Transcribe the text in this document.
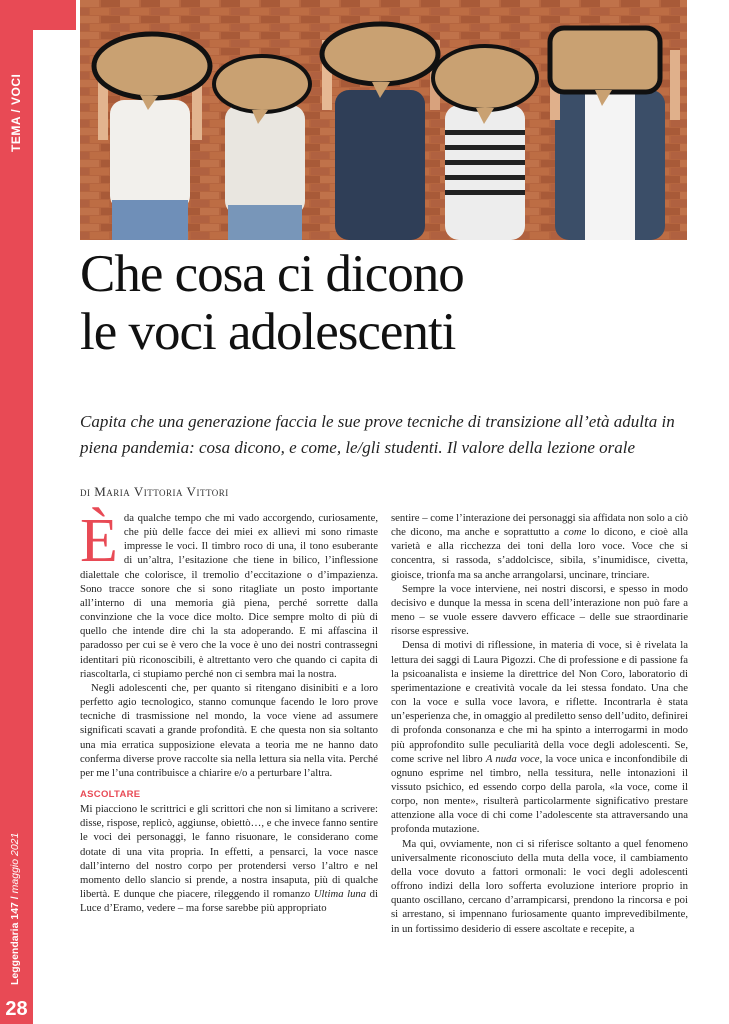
TEMA / VOCI
Leggendaria 147 / maggio 2021
28
Che cosa ci dicono
le voci adolescenti
Capita che una generazione faccia le sue prove tecniche di transizione all’età adulta in piena pandemia: cosa dicono, e come, le/gli studenti. Il valore della lezione orale
di Maria Vittoria Vittori

Èda qualche tempo che mi vado accorgendo, curiosamente, che più delle facce dei miei ex allievi mi sono rimaste impresse le voci. Il timbro roco di una, il tono esuberante di un’altra, l’esitazione che tiene in bilico, l’inflessione dialettale che colorisce, il tremolio d’eccitazione o d’impazienza. Sono tracce sonore che si sono ritagliate un posto importante all’interno di una memoria già piena, perché sorrette dalla convinzione che la voce dice molto. Dice sempre molto di più di quello che intende dire chi la sta adoperando. E mi affascina il paradosso per cui se è vero che la voce è uno dei nostri contrassegni identitari più riconoscibili, è altrettanto vero che quando ci capita di riascoltarla, ci stupiamo perché non ci sembra mai la nostra.

Negli adolescenti che, per quanto si ritengano disinibiti e a loro perfetto agio tecnologico, stanno comunque facendo le loro prove tecniche di trasmissione nel mondo, la voce viene ad assumere significati scavati a grande profondità. E che questa non sia soltanto una mia erratica supposizione elevata a teoria me ne hanno dato conferma diverse prove raccolte sia nella lettura sia nella vita. Perché per me l’una contribuisce a chiarire e/o a perturbare l’altra.

ASCOLTARE

Mi piacciono le scrittrici e gli scrittori che non si limitano a scrivere: disse, rispose, replicò, aggiunse, obiettò…, e che invece fanno sentire le voci dei personaggi, le fanno risuonare, le considerano come dotate di una vita propria. In effetti, a pensarci, la voce nasce dall’interno del nostro corpo per protendersi verso l’altro e nel momento dello slancio si prende, a nostra insaputa, più di qualche libertà. E dunque che piacere, rileggendo il romanzo Ultima luna di Luce d’Eramo, vedere – ma forse sarebbe più appropriato

sentire – come l’interazione dei personaggi sia affidata non solo a ciò che dicono, ma anche e soprattutto a come lo dicono, e cioè alla varietà e alla ricchezza dei toni della loro voce. Voce che si concentra, si rassoda, s’addolcisce, sibila, s’inumidisce, civetta, gioisce, trionfa ma sa anche arrangolarsi, uncinare, trinciare.

Sempre la voce interviene, nei nostri discorsi, e spesso in modo decisivo e dunque la messa in scena dell’interazione non può fare a meno – se vuole essere davvero efficace – delle sue straordinarie risorse espressive.

Densa di motivi di riflessione, in materia di voce, si è rivelata la lettura dei saggi di Laura Pigozzi. Che di professione e di passione fa la psicoanalista e insieme la direttrice del Non Coro, laboratorio di sperimentazione e creatività vocale da lei stessa fondato. Una che con la voce e sulla voce lavora, e riflette. Incontrarla è stata un’esperienza che, in omaggio al prediletto senso dell’udito, definirei di profonda consonanza e che mi ha spinto a interrogarmi in modo più approfondito sulle peculiarità della voce degli adolescenti. Se, come scrive nel libro A nuda voce, la voce unica e inconfondibile di ognuno esprime nel timbro, nella tessitura, nelle intonazioni il vissuto psichico, ed essendo corpo della parola, «la voce, come il corpo, non mente», risulterà particolarmente significativo prestare attenzione alla voce di chi come l’adolescente sta attraversando una profonda mutazione.

Ma qui, ovviamente, non ci si riferisce soltanto a quel fenomeno universalmente riconosciuto della muta della voce, il cambiamento della voce dovuto a fattori ormonali: le voci degli adolescenti offrono indizi della loro sofferta evoluzione interiore proprio in quanto oscillano, cercano d’arrampicarsi, prendono la rincorsa e poi si arrestano, si impennano furiosamente quanto imprevedibilmente, in un fortissimo desiderio di essere ascoltate e recepite, a
